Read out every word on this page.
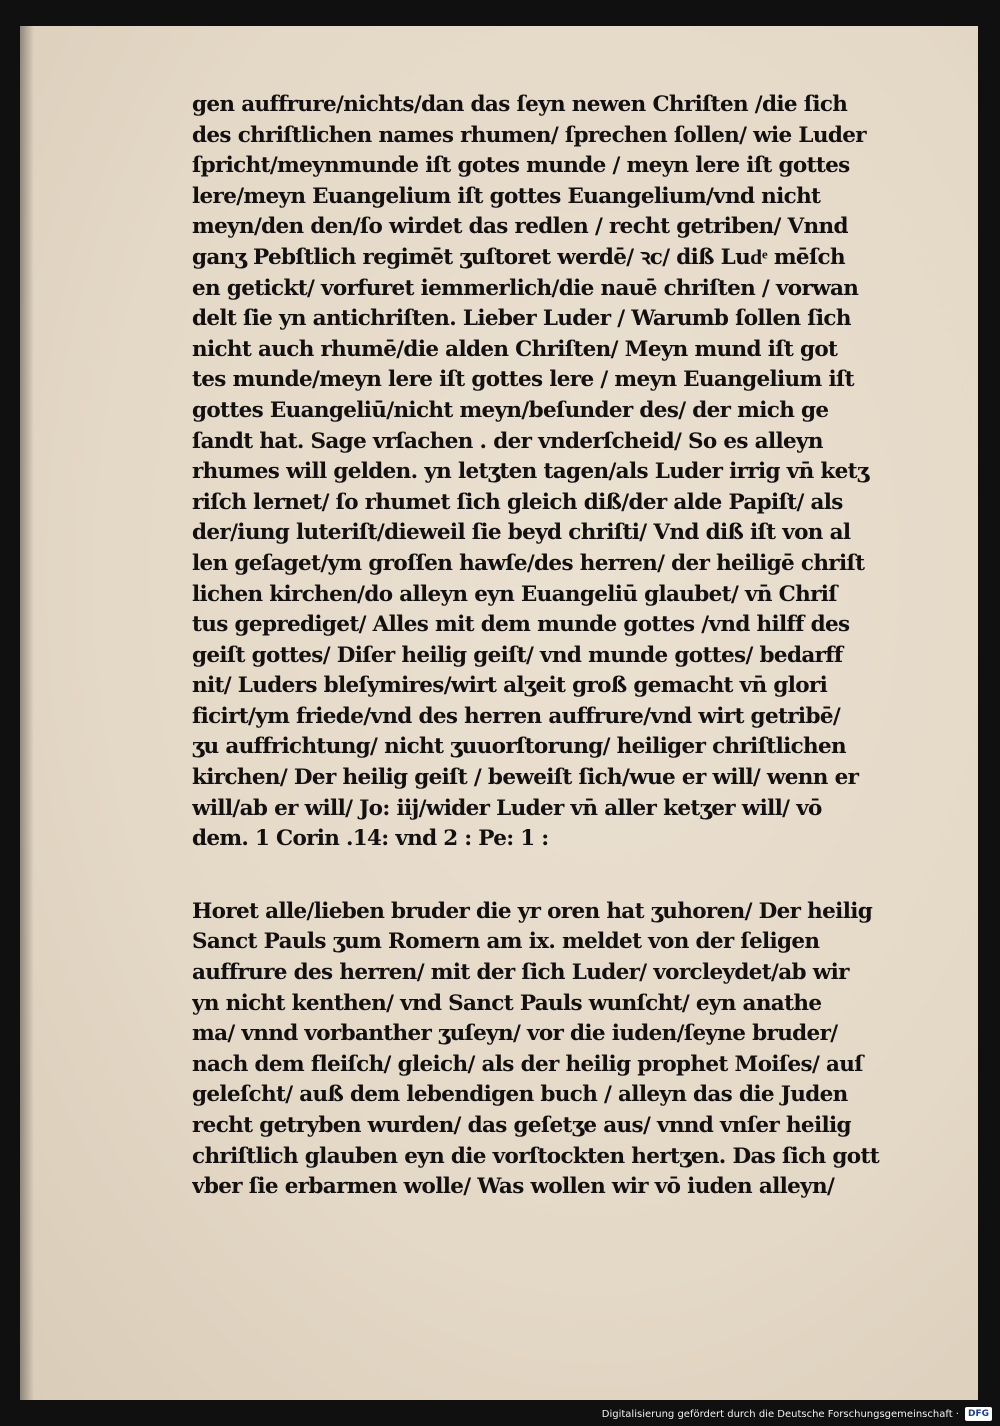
gen auffrure/nichts/dan das ſeyn newen Chriſten /die ſich
des chriſtlichen names rhumen/ ſprechen ſollen/ wie Luder
ſpricht/meynmunde iſt gotes munde / meyn lere iſt gottes
lere/meyn Euangelium iſt gottes Euangelium/vnd nicht
meyn/den den/ſo wirdet das redlen / recht getriben/ Vnnd
ganʒ Pebſtlich regimēt ʒuſtoret werdē/ ꝛc/ diß Ludͤ mēſch
en getickt/ vorfuret iemmerlich/die nauē chriſten / vorwan
delt ſie yn antichriſten. Lieber Luder / Warumb ſollen ſich
nicht auch rhumē/die alden Chriſten/ Meyn mund iſt got
tes munde/meyn lere iſt gottes lere / meyn Euangelium iſt
gottes Euangeliū/nicht meyn/beſunder des/ der mich ge
ſandt hat. Sage vrſachen . der vnderſcheid/ So es alleyn
rhumes will gelden. yn letʒten tagen/als Luder irrig vn̄ ketʒ
riſch lernet/ ſo rhumet ſich gleich diß/der alde Papiſt/ als
der/iung luteriſt/dieweil ſie beyd chriſti/ Vnd diß iſt von al
len geſaget/ym groſſen hawſe/des herren/ der heiligē chriſt
lichen kirchen/do alleyn eyn Euangeliū glaubet/ vn̄ Chriſ
tus geprediget/ Alles mit dem munde gottes /vnd hilff des
geiſt gottes/ Diſer heilig geiſt/ vnd munde gottes/ bedarff
nit/ Luders bleſymires/wirt alʒeit groß gemacht vn̄ glori
ficirt/ym friede/vnd des herren auffrure/vnd wirt getribē/
ʒu auffrichtung/ nicht ʒuuorſtorung/ heiliger chriſtlichen
kirchen/ Der heilig geiſt / beweiſt ſich/wue er will/ wenn er
will/ab er will/ Jo: iij/wider Luder vn̄ aller ketʒer will/ vō
dem. 1 Corin .14: vnd 2 : Pe: 1 :
Horet alle/lieben bruder die yr oren hat ʒuhoren/ Der heilig
Sanct Pauls ʒum Romern am ix. meldet von der ſeligen
auffrure des herren/ mit der ſich Luder/ vorcleydet/ab wir
yn nicht kenthen/ vnd Sanct Pauls wunſcht/ eyn anathe
ma/ vnnd vorbanther ʒuſeyn/ vor die iuden/ſeyne bruder/
nach dem fleiſch/ gleich/ als der heilig prophet Moiſes/ auſ
geleſcht/ auß dem lebendigen buch / alleyn das die Juden
recht getryben wurden/ das geſetʒe aus/ vnnd vnſer heilig
chriſtlich glauben eyn die vorſtockten hertʒen. Das ſich gott
vber ſie erbarmen wolle/ Was wollen wir vō iuden alleyn/
Digitalisierung gefördert durch die Deutsche Forschungsgemeinschaft ·	DFG
